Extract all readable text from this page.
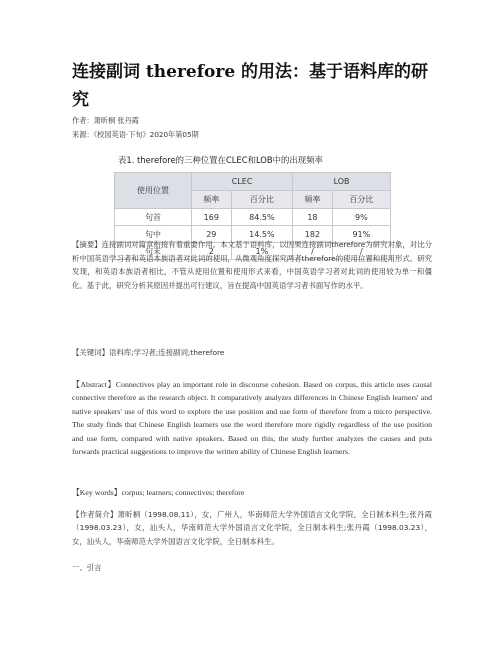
连接副词 therefore 的用法：基于语料库的研究
作者：萧昕桐 张丹霞
来源：《校园英语·下旬》2020年第05期
表1. therefore的三种位置在CLEC和LOB中的出现频率
使用位置	CLEC		LOB	
	频率	百分比	频率	百分比
句首	169	84.5%	18	9%
句中	29	14.5%	182	91%
句末	2	1%	/	/
【摘要】连接副词对篇章衔接有着重要作用。本文基于语料库，以因果连接副词therefore为研究对象，对比分析中国英语学习者和英语本族语者对此词的使用，从微观角度探究两者therefore的使用位置和使用形式。研究发现，和英语本族语者相比，不管从使用位置和使用形式来看，中国英语学习者对此词的使用较为单一和僵化。基于此，研究分析其原因并提出可行建议，旨在提高中国英语学习者书面写作的水平。
【关键词】语料库;学习者;连接副词;therefore
【Abstract】Connectives play an important role in discourse cohesion. Based on corpus, this article uses causal connective therefore as the research object. It comparatively analyzes differences in Chinese English learners' and native speakers' use of this word to explore the use position and use form of therefore from a micro perspective. The study finds that Chinese English learners use the word therefore more rigidly regardless of the use position and use form, compared with native speakers. Based on this, the study further analyzes the causes and puts forwards practical suggestions to improve the written ability of Chinese English learners.
【Key words】corpus; learners; connectives; therefore
【作者简介】萧昕桐（1998.08.11），女，广州人，华南师范大学外国语言文化学院，全日制本科生;张丹霞（1998.03.23），女，汕头人，华南师范大学外国语言文化学院，全日制本科生;张丹霞（1998.03.23），女，汕头人，华南师范大学外国语言文化学院，全日制本科生。
一、引言
